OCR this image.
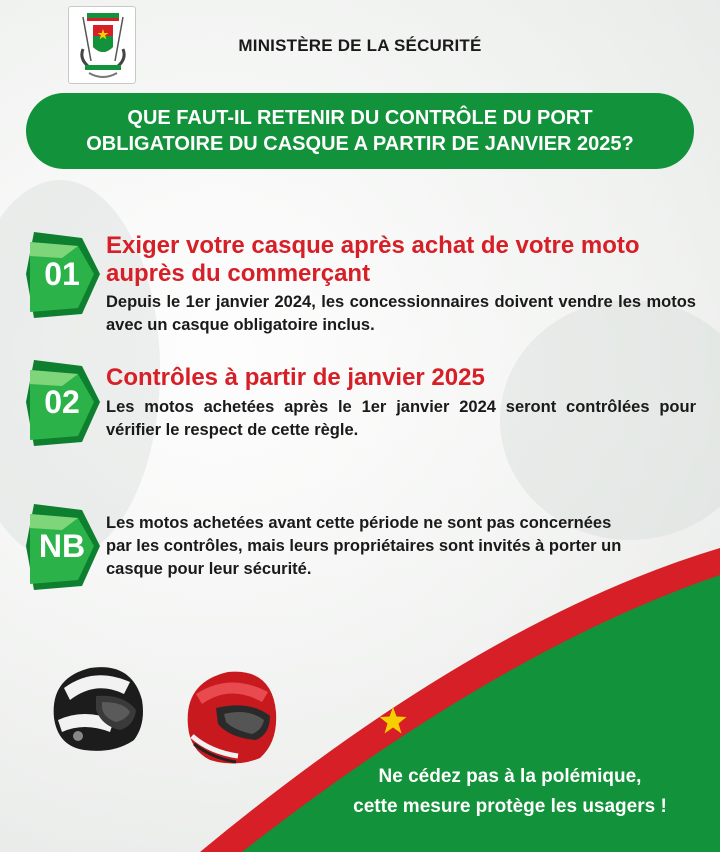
MINISTÈRE DE LA SÉCURITÉ
QUE FAUT-IL RETENIR DU CONTRÔLE DU PORT
OBLIGATOIRE DU CASQUE A PARTIR DE JANVIER 2025?
01
Exiger votre casque après achat de votre moto auprès du commerçant
Depuis le 1er janvier 2024, les concessionnaires doivent vendre les motos avec un casque obligatoire inclus.
02
Contrôles à partir de janvier 2025
Les motos achetées après le 1er janvier 2024 seront contrôlées pour vérifier le respect de cette règle.
NB
Les motos achetées avant cette période ne sont pas concernées par les contrôles, mais leurs propriétaires sont invités à porter un casque pour leur sécurité.
Ne cédez pas à la polémique,
cette mesure protège les usagers !
